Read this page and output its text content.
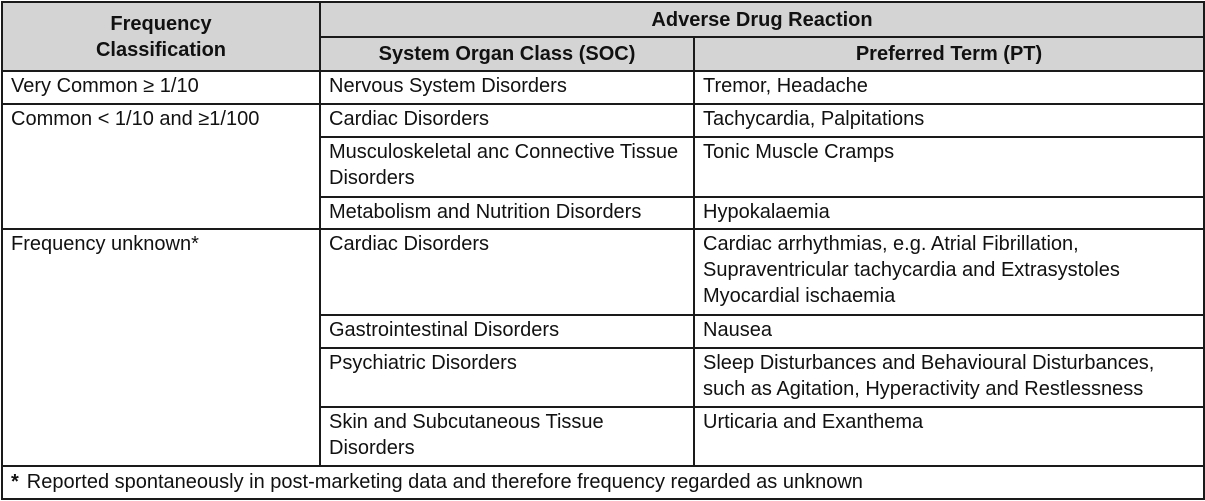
Frequency Classification	Adverse Drug Reaction	
	System Organ Class (SOC)	Preferred Term (PT)
Very Common ≥ 1/10	Nervous System Disorders	Tremor, Headache
Common < 1/10 and ≥1/100	Cardiac Disorders	Tachycardia, Palpitations
	Musculoskeletal anc Connective Tissue Disorders	Tonic Muscle Cramps
	Metabolism and Nutrition Disorders	Hypokalaemia
Frequency unknown*	Cardiac Disorders	Cardiac arrhythmias, e.g. Atrial Fibrillation, Supraventricular tachycardia and Extrasystoles Myocardial ischaemia
	Gastrointestinal Disorders	Nausea
	Psychiatric Disorders	Sleep Disturbances and Behavioural Disturbances, such as Agitation, Hyperactivity and Restlessness
	Skin and Subcutaneous Tissue Disorders	Urticaria and Exanthema
* Reported spontaneously in post-marketing data and therefore frequency regarded as unknown		
